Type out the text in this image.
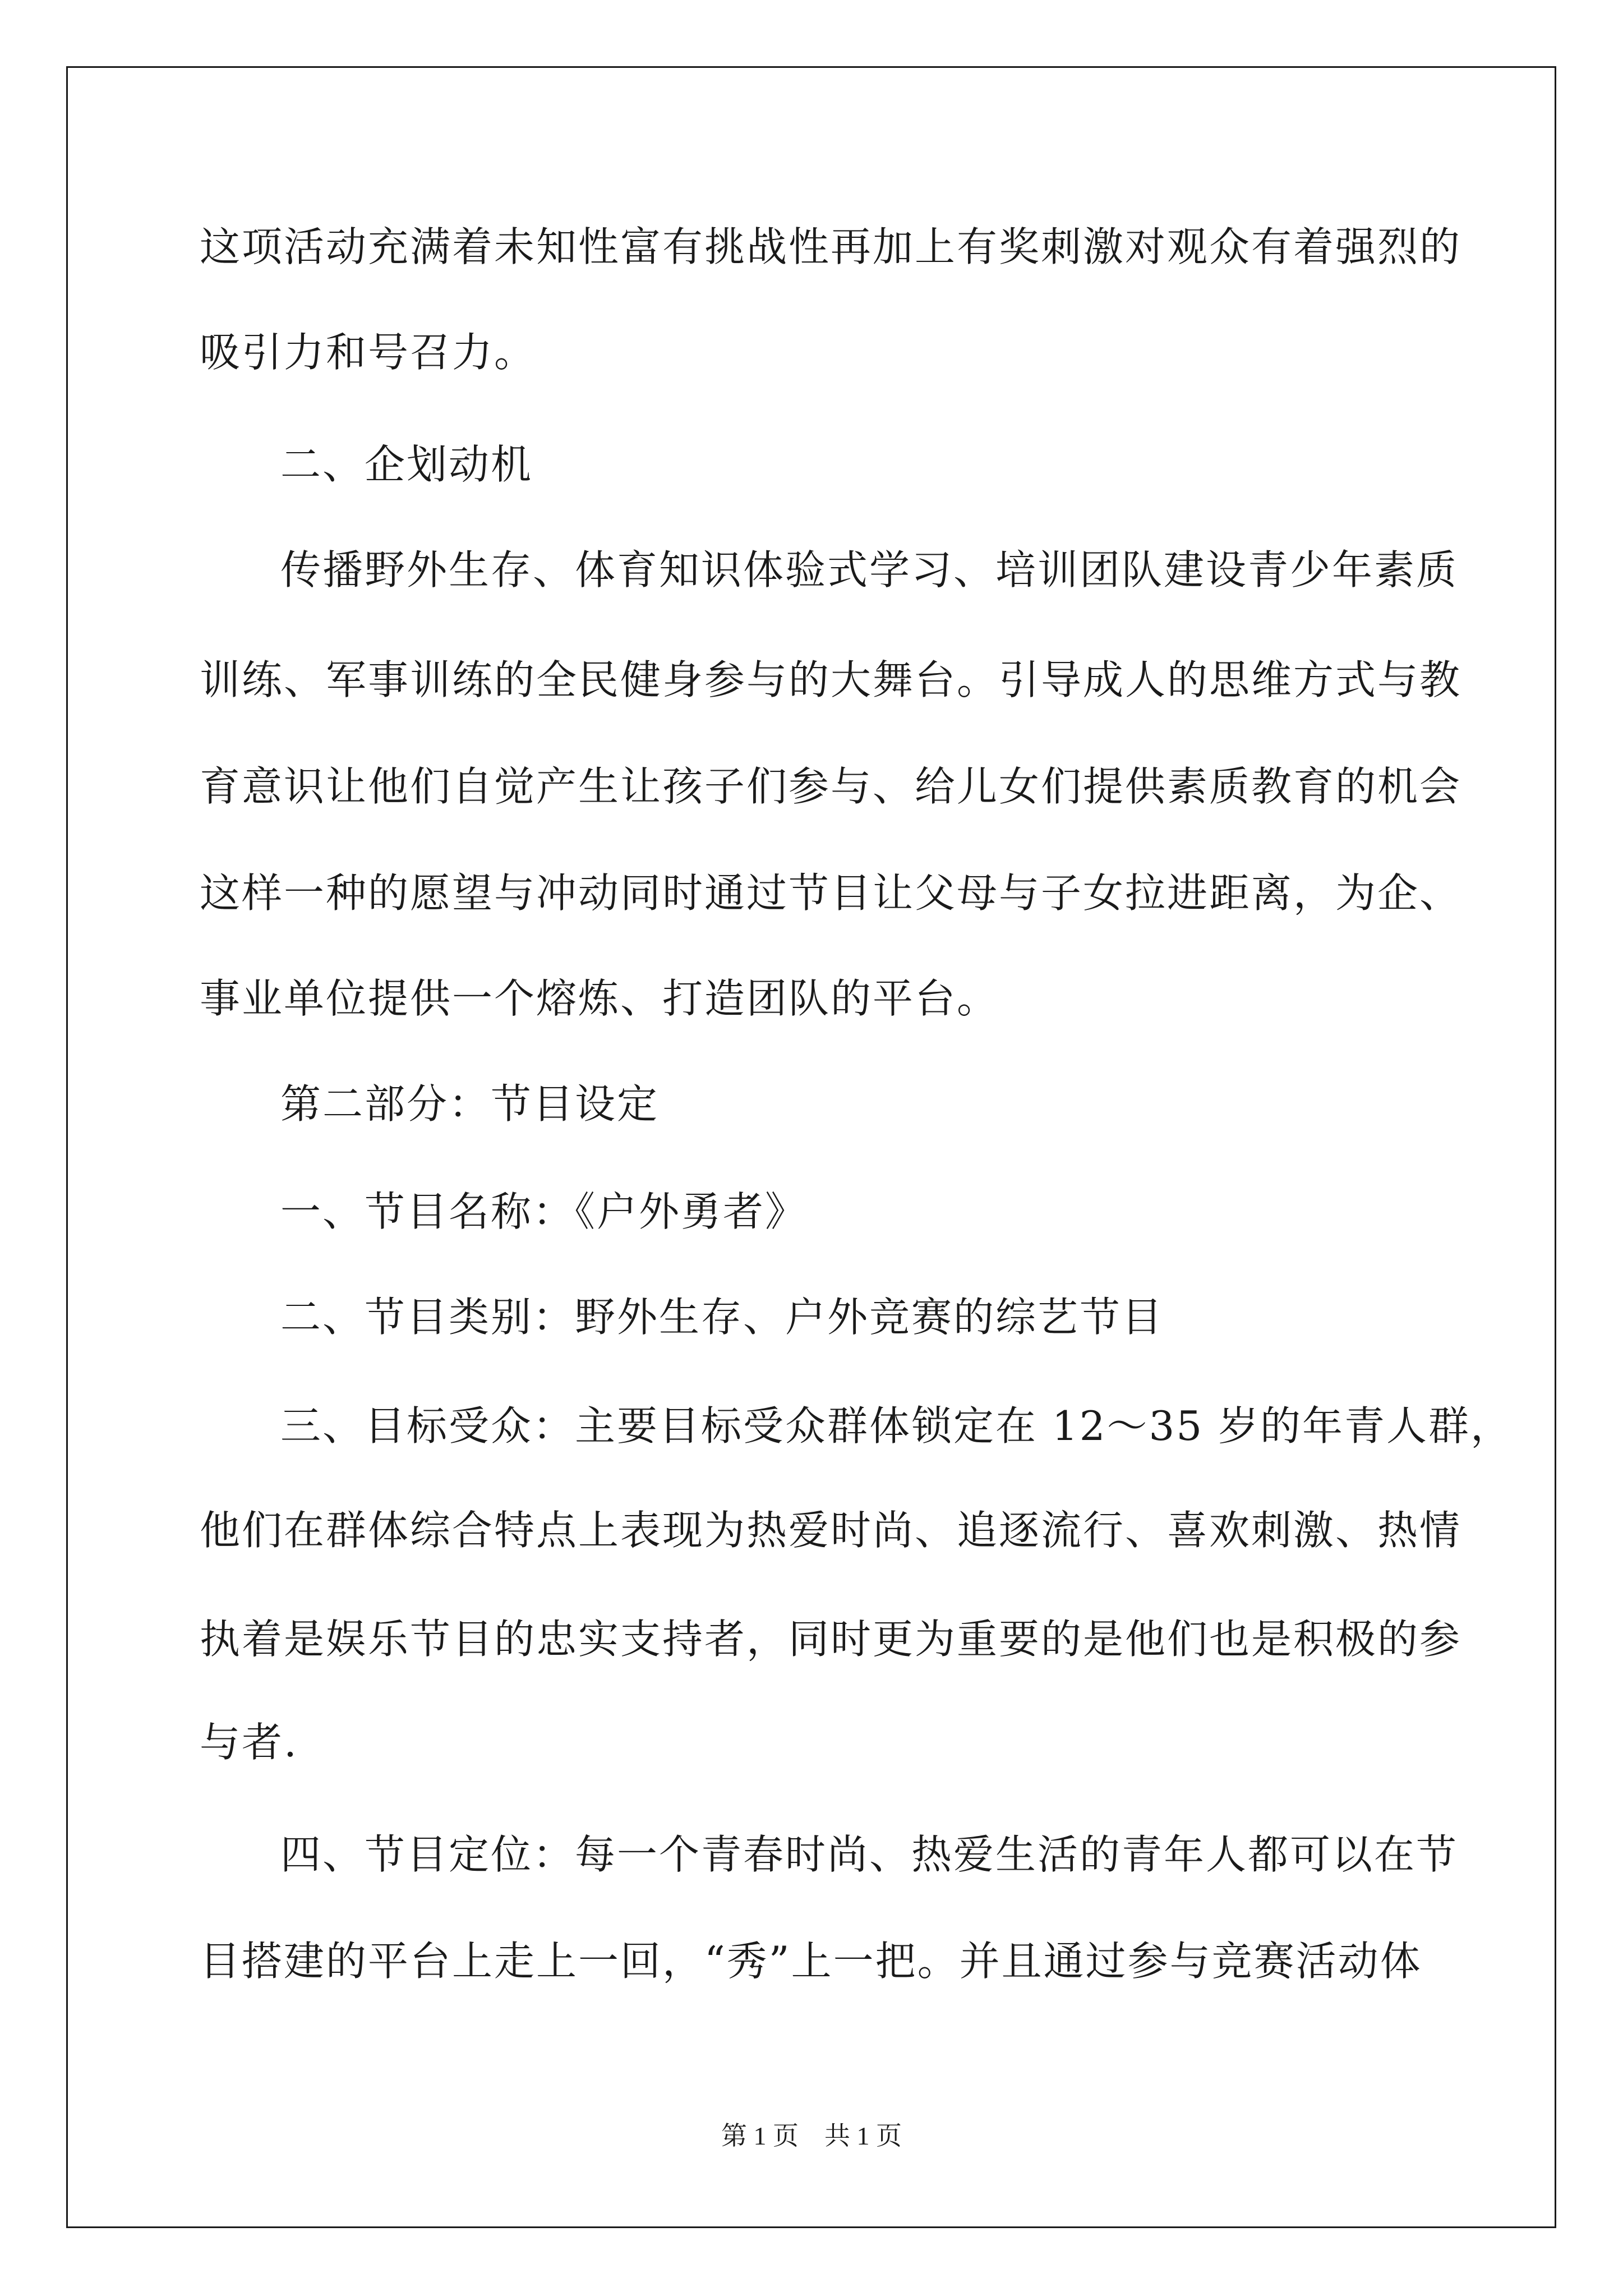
这项活动充满着未知性富有挑战性再加上有奖刺激对观众有着强烈的
吸引力和号召力。
二、企划动机
传播野外生存、体育知识体验式学习、培训团队建设青少年素质
训练、军事训练的全民健身参与的大舞台。引导成人的思维方式与教
育意识让他们自觉产生让孩子们参与、给儿女们提供素质教育的机会
这样一种的愿望与冲动同时通过节目让父母与子女拉进距离，为企、
事业单位提供一个熔炼、打造团队的平台。
第二部分：节目设定
一、节目名称：《户外勇者》
二、节目类别：野外生存、户外竞赛的综艺节目
三、目标受众：主要目标受众群体锁定在 12～35 岁的年青人群，
他们在群体综合特点上表现为热爱时尚、追逐流行、喜欢刺激、热情
执着是娱乐节目的忠实支持者，同时更为重要的是他们也是积极的参
与者.
四、节目定位：每一个青春时尚、热爱生活的青年人都可以在节
目搭建的平台上走上一回，“秀”上一把。并且通过参与竞赛活动体
第 1 页　共 1 页
